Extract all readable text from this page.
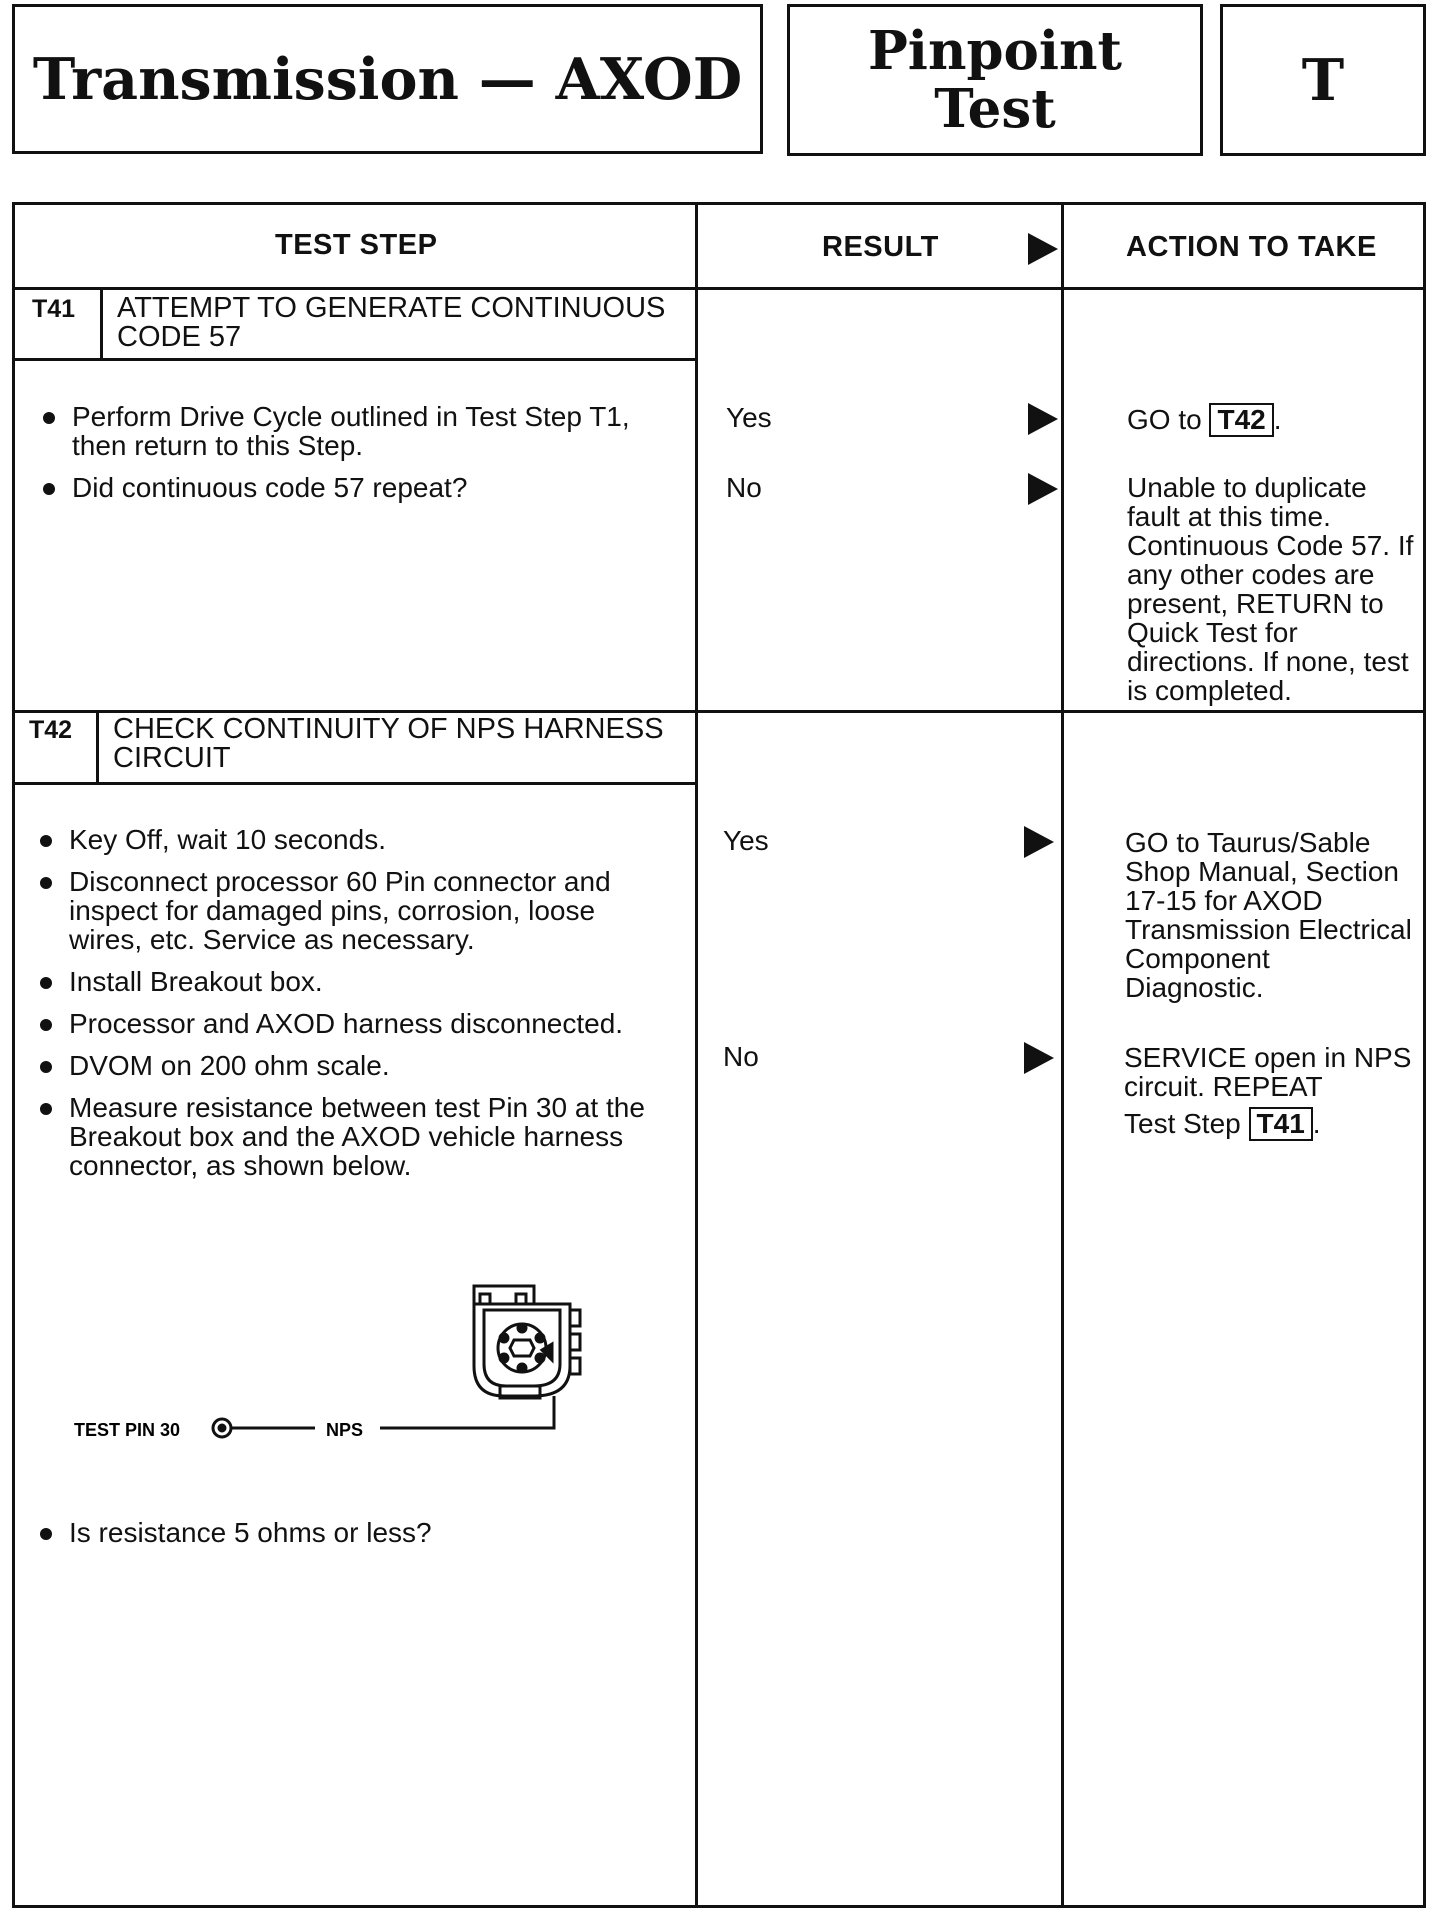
Transmission — AXOD	Pinpoint Test	T
TEST STEP	RESULT	ACTION TO TAKE
T41 ATTEMPT TO GENERATE CONTINUOUS CODE 57
Perform Drive Cycle outlined in Test Step T1, then return to this Step.
Did continuous code 57 repeat?
Yes	GO to T42 .
No	Unable to duplicate fault at this time. Continuous Code 57. If any other codes are present, RETURN to Quick Test for directions. If none, test is completed.
T42 CHECK CONTINUITY OF NPS HARNESS CIRCUIT
Key Off, wait 10 seconds.
Disconnect processor 60 Pin connector and inspect for damaged pins, corrosion, loose wires, etc. Service as necessary.
Install Breakout box.
Processor and AXOD harness disconnected.
DVOM on 200 ohm scale.
Measure resistance between test Pin 30 at the Breakout box and the AXOD vehicle harness connector, as shown below.
TEST PIN 30	NPS
Is resistance 5 ohms or less?
Yes	GO to Taurus/Sable Shop Manual, Section 17-15 for AXOD Transmission Electrical Component Diagnostic.
No	SERVICE open in NPS circuit. REPEAT
Test Step T41 .
